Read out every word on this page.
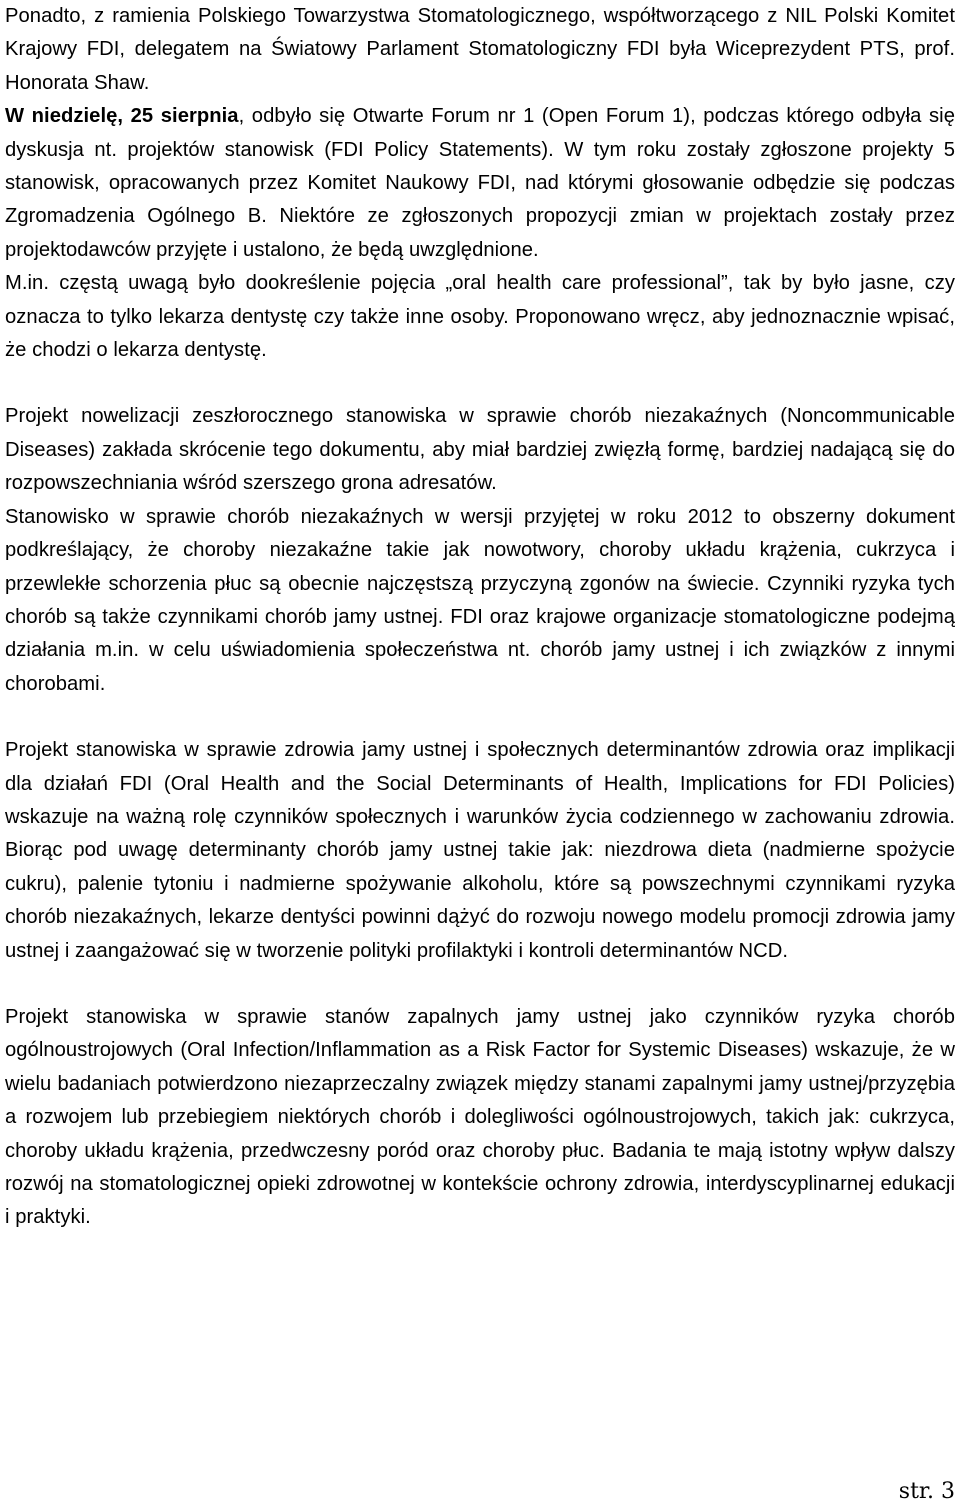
Ponadto, z ramienia Polskiego Towarzystwa Stomatologicznego, współtworzącego z NIL Polski Komitet Krajowy FDI, delegatem na Światowy Parlament Stomatologiczny FDI była Wiceprezydent PTS, prof. Honorata Shaw.

W niedzielę, 25 sierpnia, odbyło się Otwarte Forum nr 1 (Open Forum 1), podczas którego odbyła się dyskusja nt. projektów stanowisk (FDI Policy Statements). W tym roku zostały zgłoszone projekty 5 stanowisk, opracowanych przez Komitet Naukowy FDI, nad którymi głosowanie odbędzie się podczas Zgromadzenia Ogólnego B. Niektóre ze zgłoszonych propozycji zmian w projektach zostały przez projektodawców przyjęte i ustalono, że będą uwzględnione.

M.in. częstą uwagą było dookreślenie pojęcia „oral health care professional”, tak by było jasne, czy oznacza to tylko lekarza dentystę czy także inne osoby. Proponowano wręcz, aby jednoznacznie wpisać, że chodzi o lekarza dentystę.

Projekt nowelizacji zeszłorocznego stanowiska w sprawie chorób niezakaźnych (Noncommunicable Diseases) zakłada skrócenie tego dokumentu, aby miał bardziej zwięzłą formę, bardziej nadającą się do rozpowszechniania wśród szerszego grona adresatów.

Stanowisko w sprawie chorób niezakaźnych w wersji przyjętej w roku 2012 to obszerny dokument podkreślający, że choroby niezakaźne takie jak nowotwory, choroby układu krążenia, cukrzyca i przewlekłe schorzenia płuc są obecnie najczęstszą przyczyną zgonów na świecie. Czynniki ryzyka tych chorób są także czynnikami chorób jamy ustnej. FDI oraz krajowe organizacje stomatologiczne podejmą działania m.in. w celu uświadomienia społeczeństwa nt. chorób jamy ustnej i ich związków z innymi chorobami.

Projekt stanowiska w sprawie zdrowia jamy ustnej i społecznych determinantów zdrowia oraz implikacji dla działań FDI (Oral Health and the Social Determinants of Health, Implications for FDI Policies) wskazuje na ważną rolę czynników społecznych i warunków życia codziennego w zachowaniu zdrowia. Biorąc pod uwagę determinanty chorób jamy ustnej takie jak: niezdrowa dieta (nadmierne spożycie cukru), palenie tytoniu i nadmierne spożywanie alkoholu, które są powszechnymi czynnikami ryzyka chorób niezakaźnych, lekarze dentyści powinni dążyć do rozwoju nowego modelu promocji zdrowia jamy ustnej i zaangażować się w tworzenie polityki profilaktyki i kontroli determinantów NCD.

Projekt stanowiska w sprawie stanów zapalnych jamy ustnej jako czynników ryzyka chorób ogólnoustrojowych (Oral Infection/Inflammation as a Risk Factor for Systemic Diseases) wskazuje, że w wielu badaniach potwierdzono niezaprzeczalny związek między stanami zapalnymi jamy ustnej/przyzębia a rozwojem lub przebiegiem niektórych chorób i dolegliwości ogólnoustrojowych, takich jak: cukrzyca, choroby układu krążenia, przedwczesny poród oraz choroby płuc. Badania te mają istotny wpływ dalszy rozwój na stomatologicznej opieki zdrowotnej w kontekście ochrony zdrowia, interdyscyplinarnej edukacji i praktyki.

str. 3
